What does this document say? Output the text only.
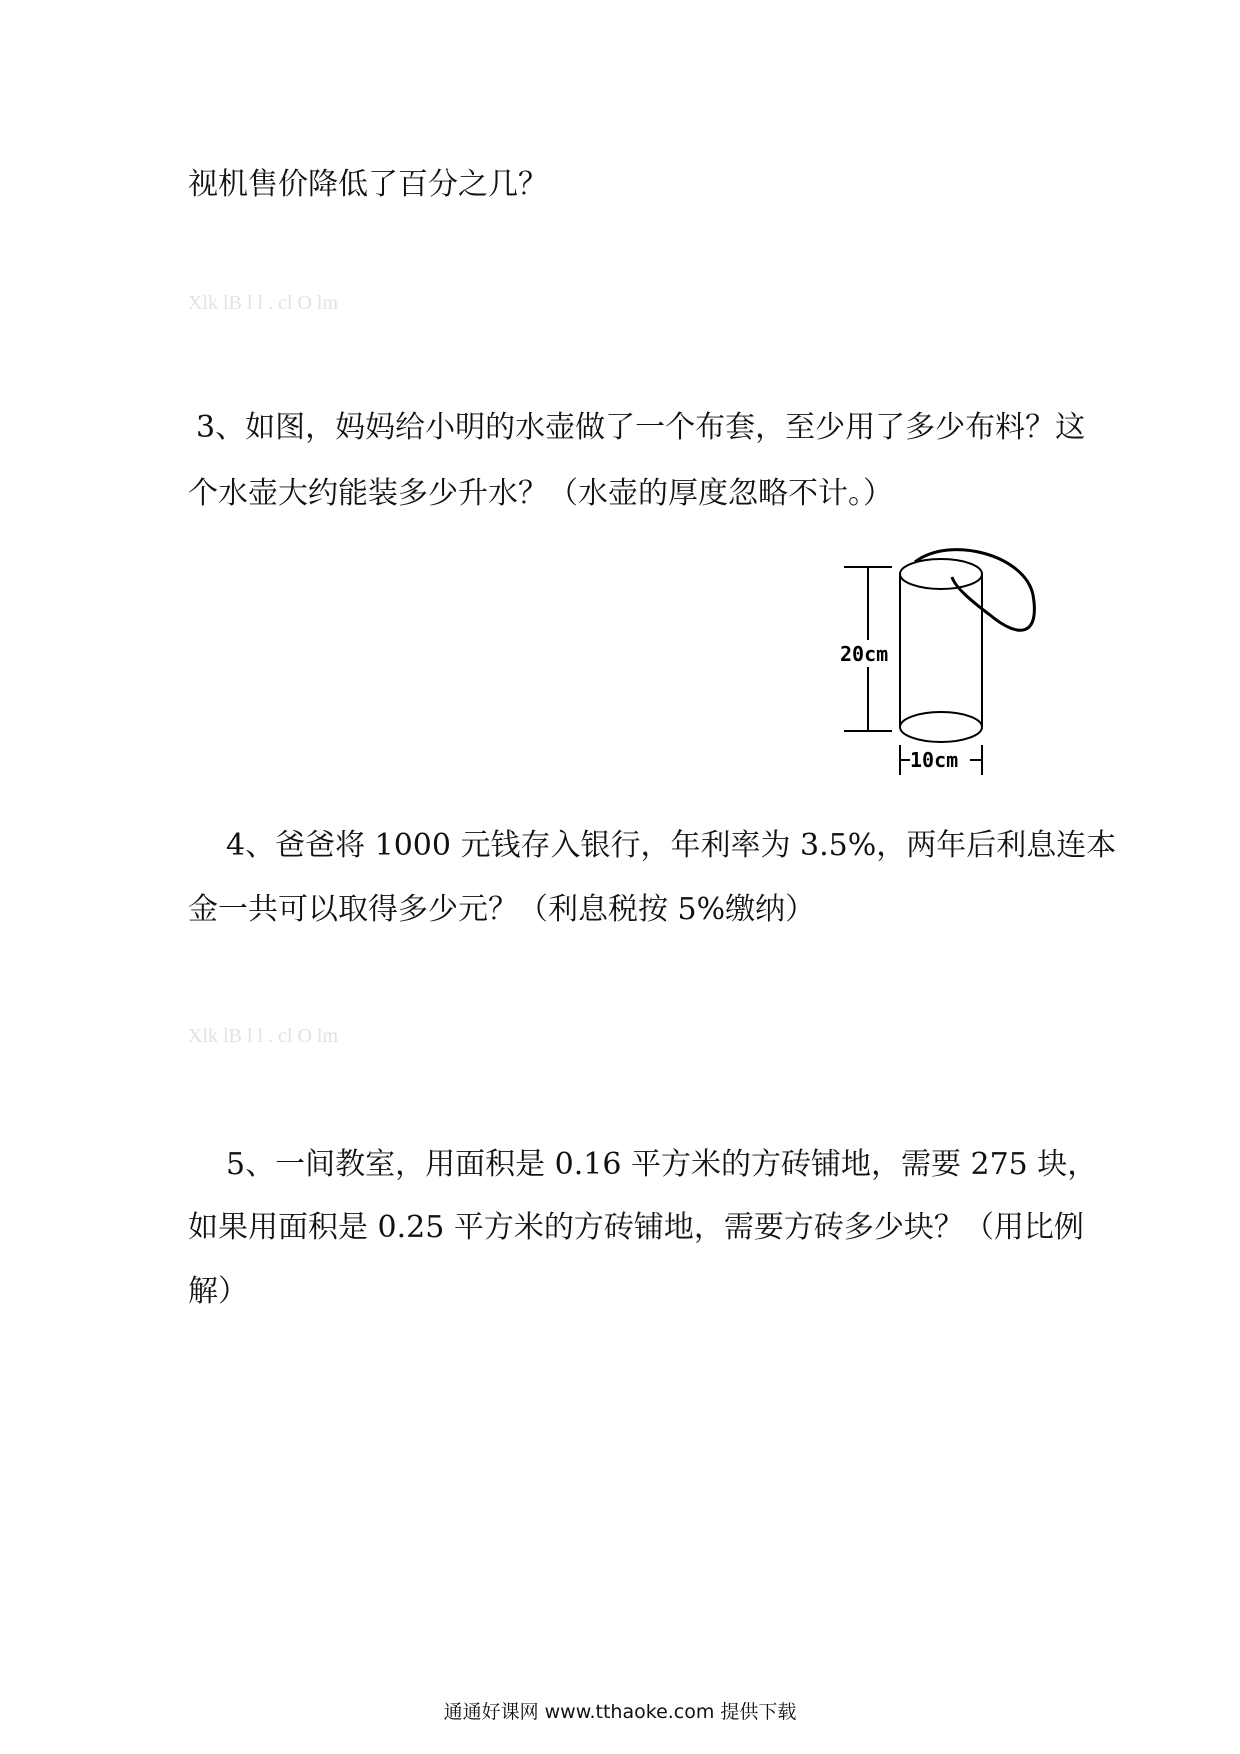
视机售价降低了百分之几？
Xlk lB l l . cl O lm
3、如图，妈妈给小明的水壶做了一个布套，至少用了多少布料？这
个水壶大约能装多少升水？（水壶的厚度忽略不计。）
20cm
10cm
4、爸爸将 1000 元钱存入银行，年利率为 3.5%，两年后利息连本
金一共可以取得多少元？（利息税按 5%缴纳）
Xlk lB l l . cl O lm
5、一间教室，用面积是 0.16 平方米的方砖铺地，需要 275 块，
如果用面积是 0.25 平方米的方砖铺地，需要方砖多少块？（用比例
解）
通通好课网 www.tthaoke.com 提供下载
